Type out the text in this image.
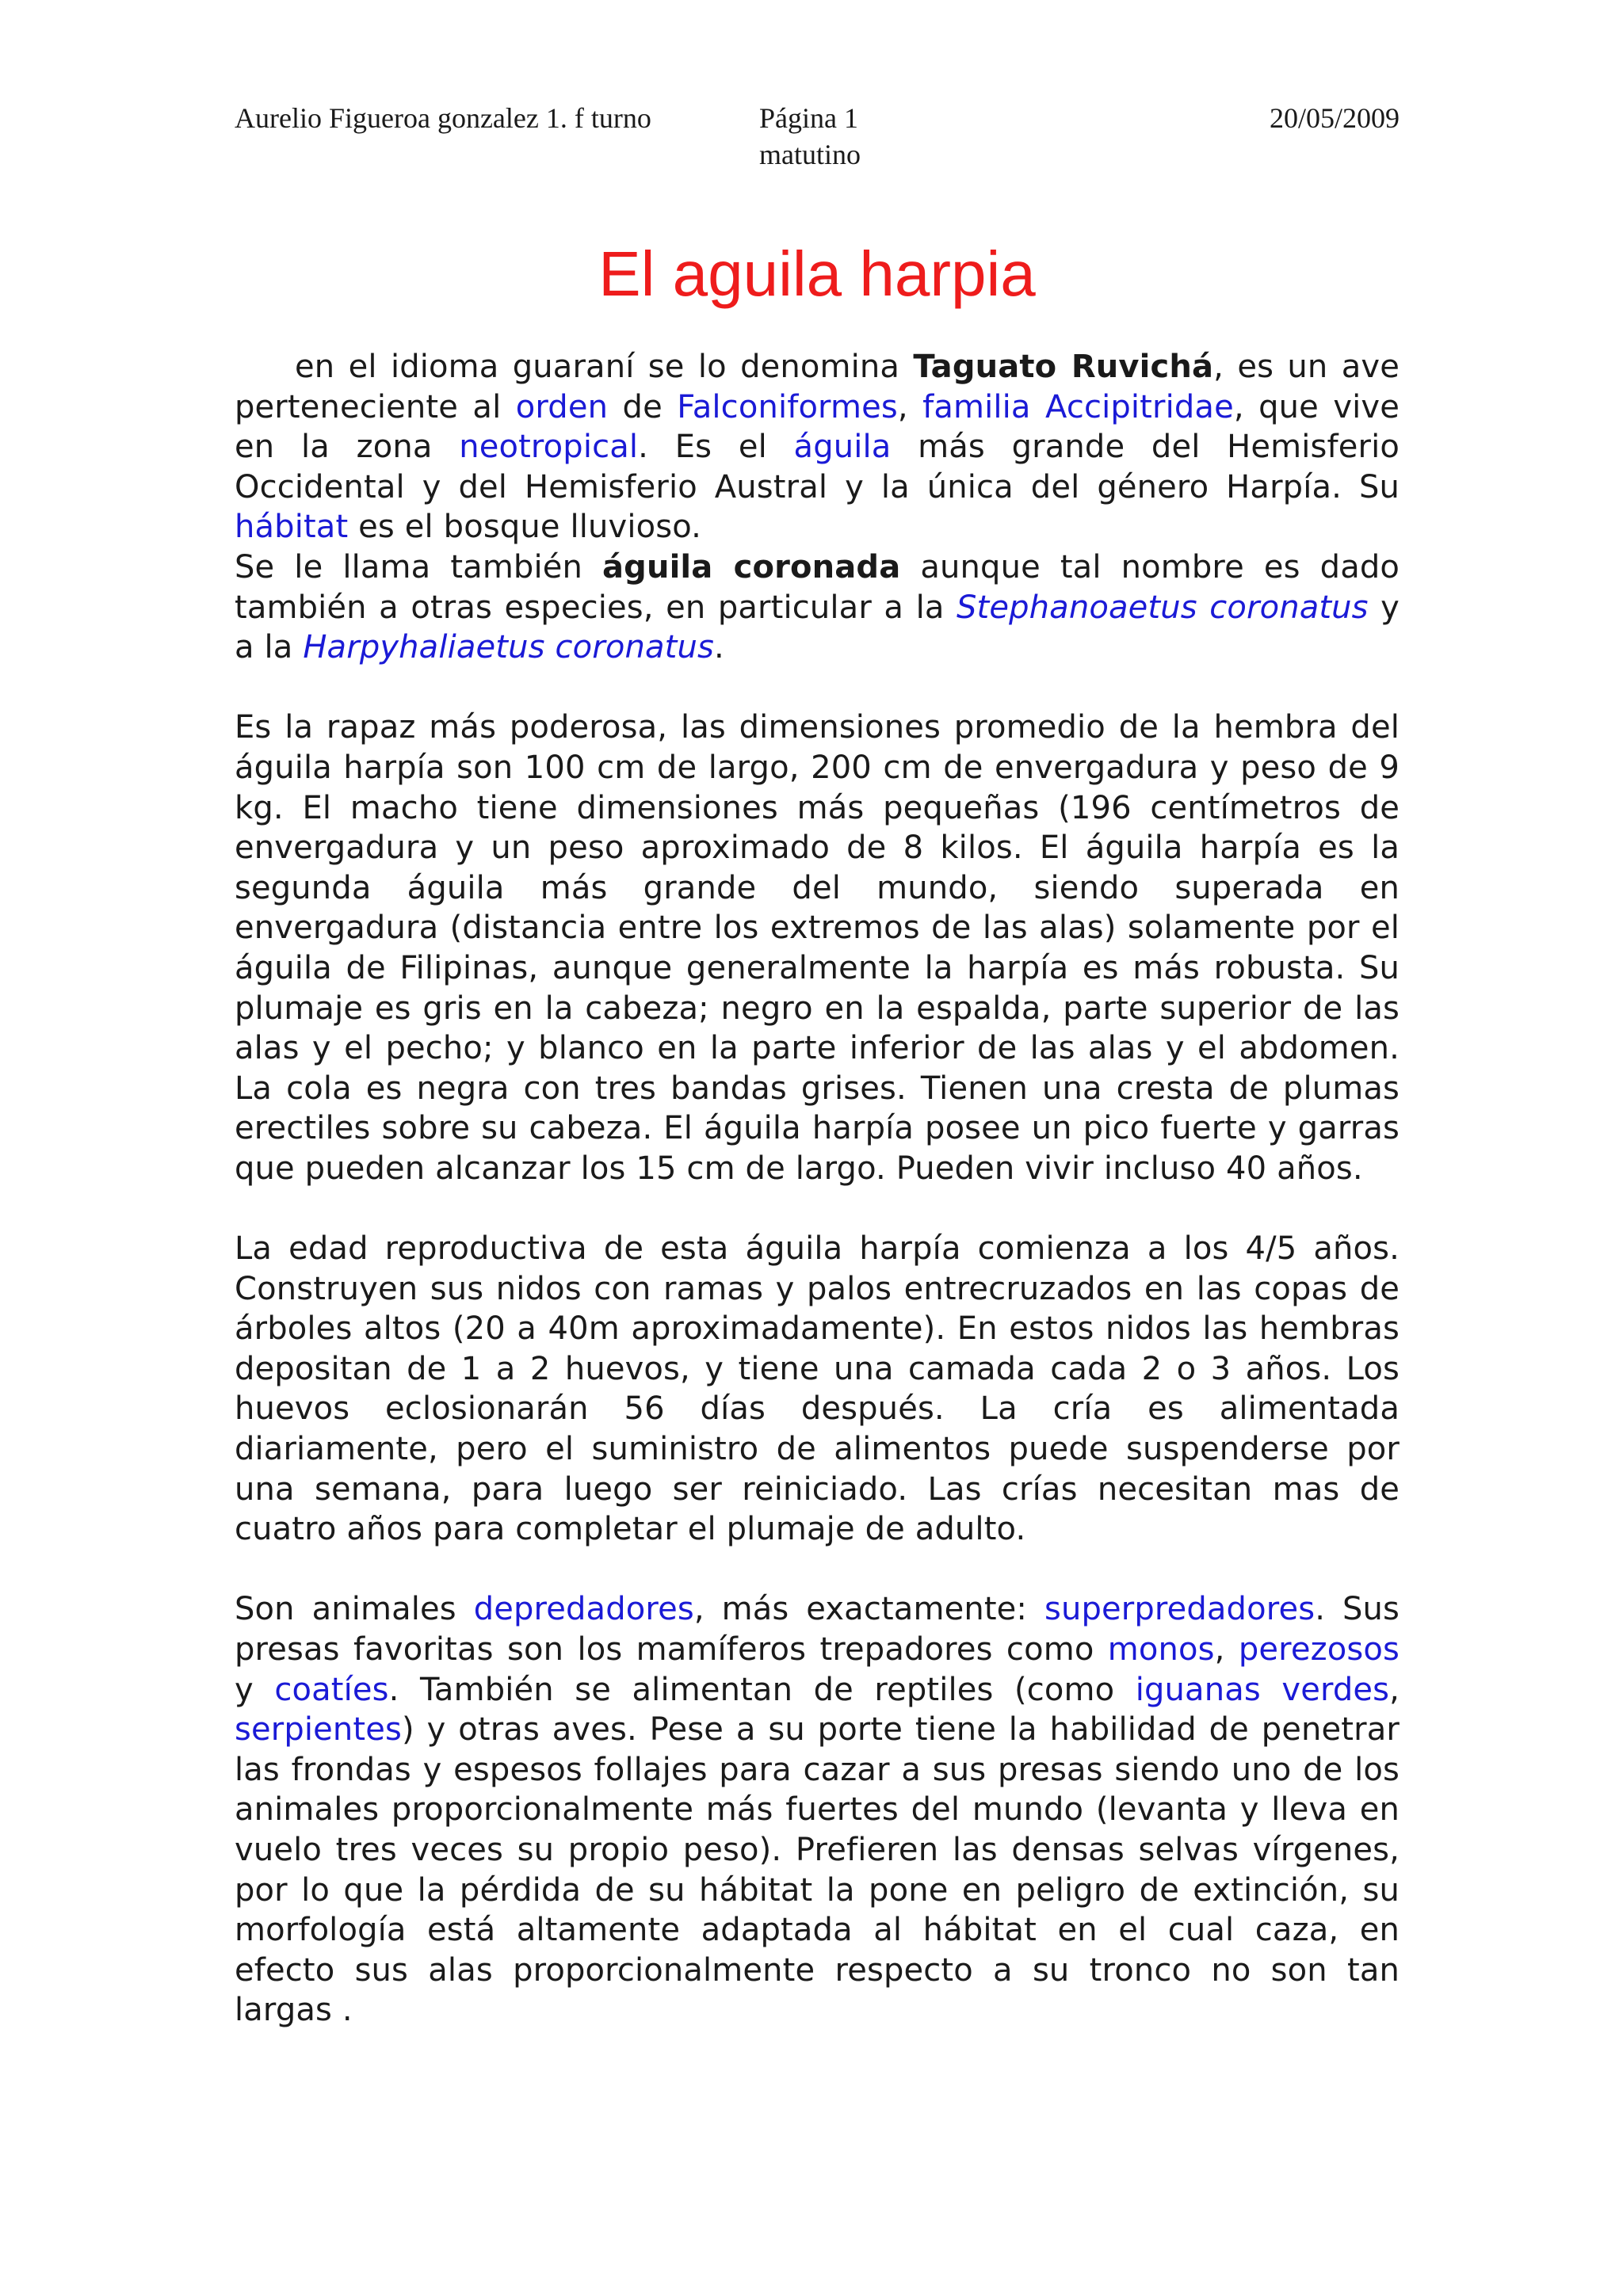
Aurelio Figueroa gonzalez 1. f turno	Página 1 matutino
20/05/2009
El aguila harpia

en el idioma guaraní se lo denomina Taguato Ruvichá, es un ave perteneciente al orden de Falconiformes, familia Accipitridae, que vive en la zona neotropical. Es el águila más grande del Hemisferio Occidental y del Hemisferio Austral y la única del género Harpía. Su hábitat es el bosque lluvioso.
Se le llama también águila coronada aunque tal nombre es dado también a otras especies, en particular a la Stephanoaetus coronatus y a la Harpyhaliaetus coronatus.

Es la rapaz más poderosa, las dimensiones promedio de la hembra del águila harpía son 100 cm de largo, 200 cm de envergadura y peso de 9 kg. El macho tiene dimensiones más pequeñas (196 centímetros de envergadura y un peso aproximado de 8 kilos. El águila harpía es la segunda águila más grande del mundo, siendo superada en envergadura (distancia entre los extremos de las alas) solamente por el águila de Filipinas, aunque generalmente la harpía es más robusta. Su plumaje es gris en la cabeza; negro en la espalda, parte superior de las alas y el pecho; y blanco en la parte inferior de las alas y el abdomen. La cola es negra con tres bandas grises. Tienen una cresta de plumas erectiles sobre su cabeza. El águila harpía posee un pico fuerte y garras que pueden alcanzar los 15 cm de largo. Pueden vivir incluso 40 años.

La edad reproductiva de esta águila harpía comienza a los 4/5 años. Construyen sus nidos con ramas y palos entrecruzados en las copas de árboles altos (20 a 40m aproximadamente). En estos nidos las hembras depositan de 1 a 2 huevos, y tiene una camada cada 2 o 3 años. Los huevos eclosionarán 56 días después. La cría es alimentada diariamente, pero el suministro de alimentos puede suspenderse por una semana, para luego ser reiniciado. Las crías necesitan mas de cuatro años para completar el plumaje de adulto.

Son animales depredadores, más exactamente: superpredadores. Sus presas favoritas son los mamíferos trepadores como monos, perezosos y coatíes. También se alimentan de reptiles (como iguanas verdes, serpientes) y otras aves. Pese a su porte tiene la habilidad de penetrar las frondas y espesos follajes para cazar a sus presas siendo uno de los animales proporcionalmente más fuertes del mundo (levanta y lleva en vuelo tres veces su propio peso). Prefieren las densas selvas vírgenes, por lo que la pérdida de su hábitat la pone en peligro de extinción, su morfología está altamente adaptada al hábitat en el cual caza, en efecto sus alas proporcionalmente respecto a su tronco no son tan largas .
